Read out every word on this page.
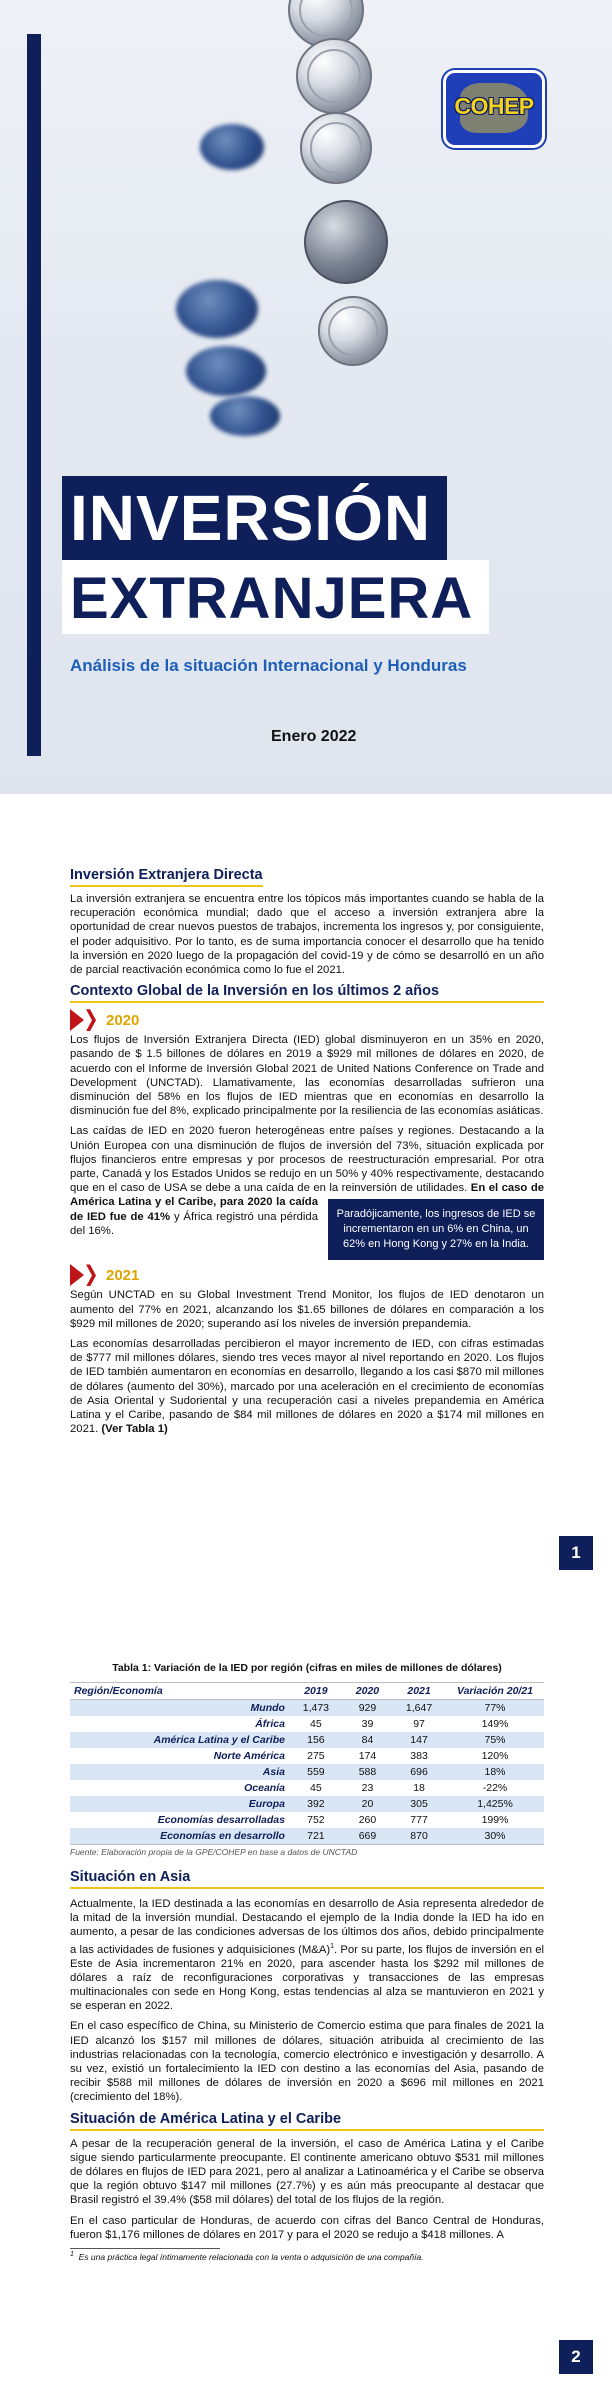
COHEP
INVERSIÓN
EXTRANJERA
Análisis de la situación Internacional y Honduras
Enero 2022
Inversión Extranjera Directa

La inversión extranjera se encuentra entre los tópicos más importantes cuando se habla de la recuperación económica mundial; dado que el acceso a inversión extranjera abre la oportunidad de crear nuevos puestos de trabajos, incrementa los ingresos y, por consiguiente, el poder adquisitivo. Por lo tanto, es de suma importancia conocer el desarrollo que ha tenido la inversión en 2020 luego de la propagación del covid-19 y de cómo se desarrolló en un año de parcial reactivación económica como lo fue el 2021.

Contexto Global de la Inversión en los últimos 2 años
2020

Los flujos de Inversión Extranjera Directa (IED) global disminuyeron en un 35% en 2020, pasando de $ 1.5 billones de dólares en 2019 a $929 mil millones de dólares en 2020, de acuerdo con el Informe de Inversión Global 2021 de United Nations Conference on Trade and Development (UNCTAD). Llamativamente, las economías desarrolladas sufrieron una disminución del 58% en los flujos de IED mientras que en economías en desarrollo la disminución fue del 8%, explicado principalmente por la resiliencia de las economías asiáticas.

Las caídas de IED en 2020 fueron heterogéneas entre países y regiones. Destacando a la Unión Europea con una disminución de flujos de inversión del 73%, situación explicada por flujos financieros entre empresas y por procesos de reestructuración empresarial. Por otra parte, Canadá y los Estados Unidos se redujo en un 50% y 40% respectivamente, destacando que en el caso de USA se debe a una caída de en la reinversión de utilidades.
Paradójicamente, los ingresos de IED se incrementaron en un 6% en China, un 62% en Hong Kong y 27% en la India.
En el caso de América Latina y el Caribe, para 2020 la caída de IED fue de 41% y África registró una pérdida del 16%.

2021

Según UNCTAD en su Global Investment Trend Monitor, los flujos de IED denotaron un aumento del 77% en 2021, alcanzando los $1.65 billones de dólares en comparación a los $929 mil millones de 2020; superando así los niveles de inversión prepandemia.

Las economías desarrolladas percibieron el mayor incremento de IED, con cifras estimadas de $777 mil millones dólares, siendo tres veces mayor al nivel reportando en 2020. Los flujos de IED también aumentaron en economías en desarrollo, llegando a los casi $870 mil millones de dólares (aumento del 30%), marcado por una aceleración en el crecimiento de economías de Asia Oriental y Sudoriental y una recuperación casi a niveles prepandemia en América Latina y el Caribe, pasando de $84 mil millones de dólares en 2020 a $174 mil millones en 2021. (Ver Tabla 1)

1
Tabla 1: Variación de la IED por región (cifras en miles de millones de dólares)
Región/Economía	2019	2020	2021	Variación 20/21
Mundo	1,473	929	1,647	77%
África	45	39	97	149%
América Latina y el Caribe	156	84	147	75%
Norte América	275	174	383	120%
Asia	559	588	696	18%
Oceanía	45	23	18	-22%
Europa	392	20	305	1,425%
Economías desarrolladas	752	260	777	199%
Economías en desarrollo	721	669	870	30%
Fuente: Elaboración propia de la GPE/COHEP en base a datos de UNCTAD
Situación en Asia

Actualmente, la IED destinada a las economías en desarrollo de Asia representa alrededor de la mitad de la inversión mundial. Destacando el ejemplo de la India donde la IED ha ido en aumento, a pesar de las condiciones adversas de los últimos dos años, debido principalmente a las actividades de fusiones y adquisiciones (M&A)$^1$. Por su parte, los flujos de inversión en el Este de Asia incrementaron 21% en 2020, para ascender hasta los $292 mil millones de dólares a raíz de reconfiguraciones corporativas y transacciones de las empresas multinacionales con sede en Hong Kong, estas tendencias al alza se mantuvieron en 2021 y se esperan en 2022.

En el caso específico de China, su Ministerio de Comercio estima que para finales de 2021 la IED alcanzó los $157 mil millones de dólares, situación atribuida al crecimiento de las industrias relacionadas con la tecnología, comercio electrónico e investigación y desarrollo. A su vez, existió un fortalecimiento la IED con destino a las economías del Asia, pasando de recibir $588 mil millones de dólares de inversión en 2020 a $696 mil millones en 2021 (crecimiento del 18%).

Situación de América Latina y el Caribe

A pesar de la recuperación general de la inversión, el caso de América Latina y el Caribe sigue siendo particularmente preocupante. El continente americano obtuvo $531 mil millones de dólares en flujos de IED para 2021, pero al analizar a Latinoamérica y el Caribe se observa que la región obtuvo $147 mil millones (27.7%) y es aún más preocupante al destacar que Brasil registró el 39.4% ($58 mil dólares) del total de los flujos de la región.

En el caso particular de Honduras, de acuerdo con cifras del Banco Central de Honduras, fueron $1,176 millones de dólares en 2017 y para el 2020 se redujo a $418 millones. A

$^1$ Es una práctica legal íntimamente relacionada con la venta o adquisición de una compañía.
2
